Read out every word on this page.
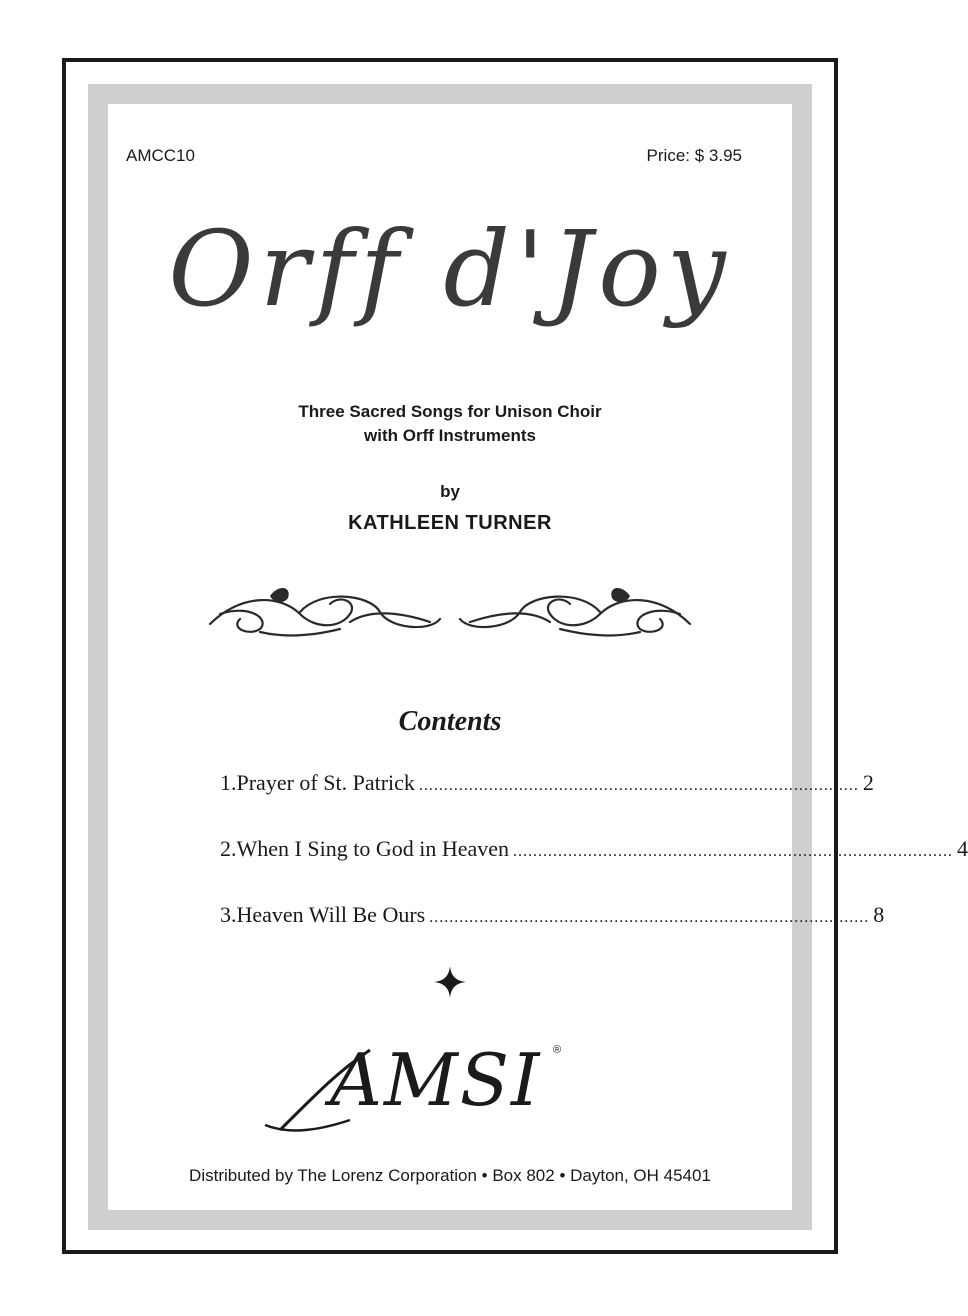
AMCC10	Price: $ 3.95
Orff d'Joy
Three Sacred Songs for Unison Choir
with Orff Instruments
by
KATHLEEN TURNER
Contents
1. Prayer of St. Patrick ........................................................................................ 2
2. When I Sing to God in Heaven ........................................................................................ 4
3. Heaven Will Be Ours ........................................................................................ 8
AMSI ®
Distributed by The Lorenz Corporation • Box 802 • Dayton, OH 45401
